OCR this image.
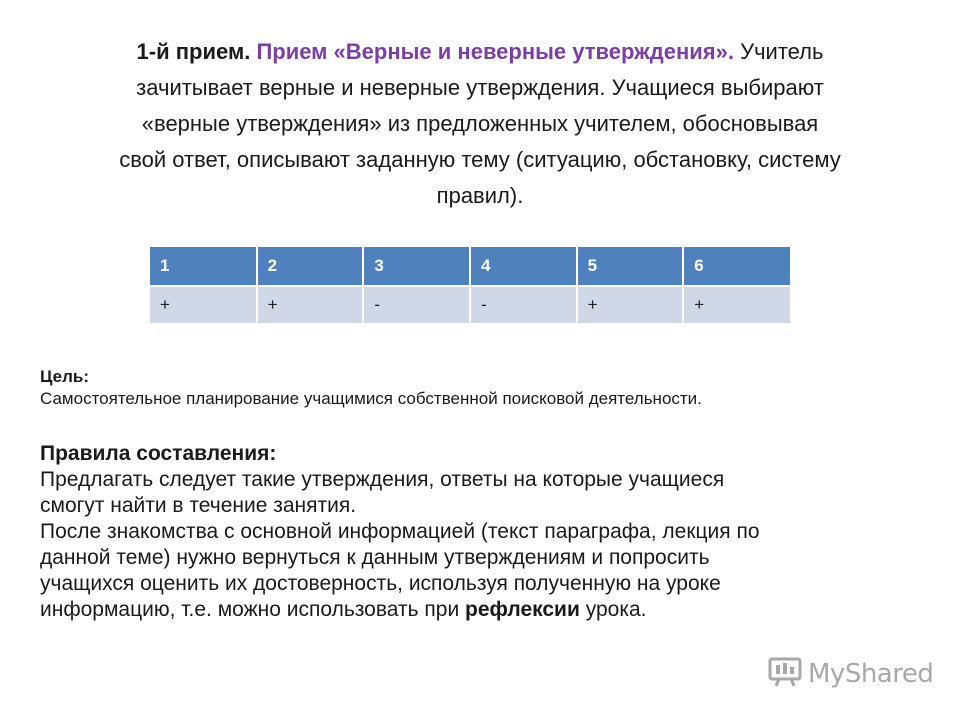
1-й прием. Прием «Верные и неверные утверждения». Учитель
зачитывает верные и неверные утверждения. Учащиеся выбирают
«верные утверждения» из предложенных учителем, обосновывая
свой ответ, описывают заданную тему (ситуацию, обстановку, систему
правил).
1	2	3	4	5	6
+	+	-	-	+	+
Цель:
Самостоятельное планирование учащимися собственной поисковой деятельности.
Правила составления:

Предлагать следует такие утверждения, ответы на которые учащиеся
смогут найти в течение занятия.

После знакомства с основной информацией (текст параграфа, лекция по
данной теме) нужно вернуться к данным утверждениям и попросить
учащихся оценить их достоверность, используя полученную на уроке
информацию, т.е. можно использовать при рефлексии урока.

MyShared
